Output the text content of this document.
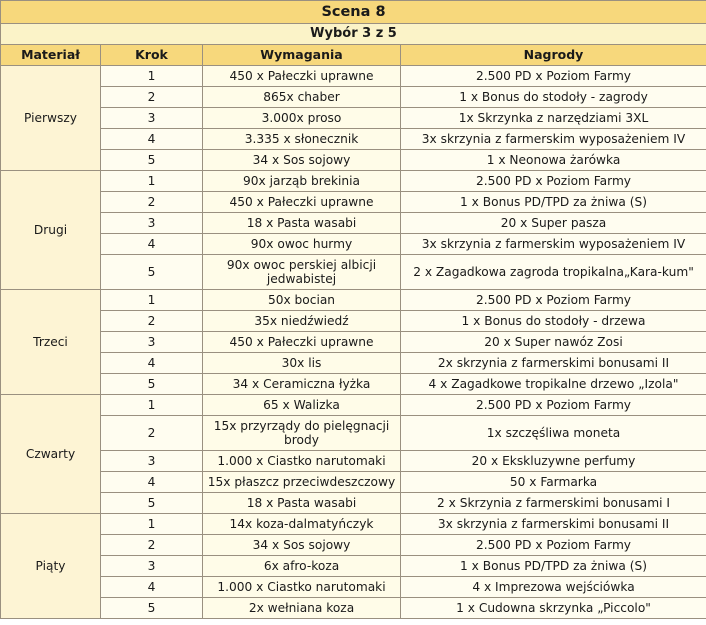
Scena 8			
Wybór 3 z 5			
Materiał	Krok	Wymagania	Nagrody
Pierwszy	1	450 x Pałeczki uprawne	2.500 PD x Poziom Farmy
	2	865x chaber	1 x Bonus do stodoły - zagrody
	3	3.000x proso	1x Skrzynka z narzędziami 3XL
	4	3.335 x słonecznik	3x skrzynia z farmerskim wyposażeniem IV
	5	34 x Sos sojowy	1 x Neonowa żarówka
Drugi	1	90x jarząb brekinia	2.500 PD x Poziom Farmy
	2	450 x Pałeczki uprawne	1 x Bonus PD/TPD za żniwa (S)
	3	18 x Pasta wasabi	20 x Super pasza
	4	90x owoc hurmy	3x skrzynia z farmerskim wyposażeniem IV
	5	90x owoc perskiej albicji jedwabistej	2 x Zagadkowa zagroda tropikalna„Kara-kum"
Trzeci	1	50x bocian	2.500 PD x Poziom Farmy
	2	35x niedźwiedź	1 x Bonus do stodoły - drzewa
	3	450 x Pałeczki uprawne	20 x Super nawóz Zosi
	4	30x lis	2x skrzynia z farmerskimi bonusami II
	5	34 x Ceramiczna łyżka	4 x Zagadkowe tropikalne drzewo „Izola"
Czwarty	1	65 x Walizka	2.500 PD x Poziom Farmy
	2	15x przyrządy do pielęgnacji brody	1x szczęśliwa moneta
	3	1.000 x Ciastko narutomaki	20 x Ekskluzywne perfumy
	4	15x płaszcz przeciwdeszczowy	50 x Farmarka
	5	18 x Pasta wasabi	2 x Skrzynia z farmerskimi bonusami I
Piąty	1	14x koza-dalmatyńczyk	3x skrzynia z farmerskimi bonusami II
	2	34 x Sos sojowy	2.500 PD x Poziom Farmy
	3	6x afro-koza	1 x Bonus PD/TPD za żniwa (S)
	4	1.000 x Ciastko narutomaki	4 x Imprezowa wejściówka
	5	2x wełniana koza	1 x Cudowna skrzynka „Piccolo"
